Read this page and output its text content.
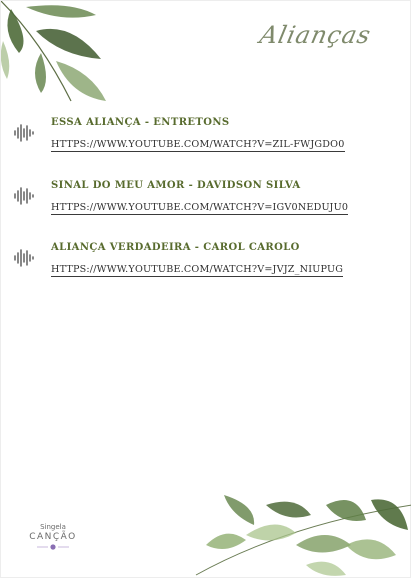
Alianças
ESSA ALIANÇA - ENTRETONS
HTTPS://WWW.YOUTUBE.COM/WATCH?V=ZIL-FWJGDO0
SINAL DO MEU AMOR - DAVIDSON SILVA
HTTPS://WWW.YOUTUBE.COM/WATCH?V=IGV0NEDUJU0
ALIANÇA VERDADEIRA - CAROL CAROLO
HTTPS://WWW.YOUTUBE.COM/WATCH?V=JVJZ_NIUPUG
Singela
CANÇÃO
